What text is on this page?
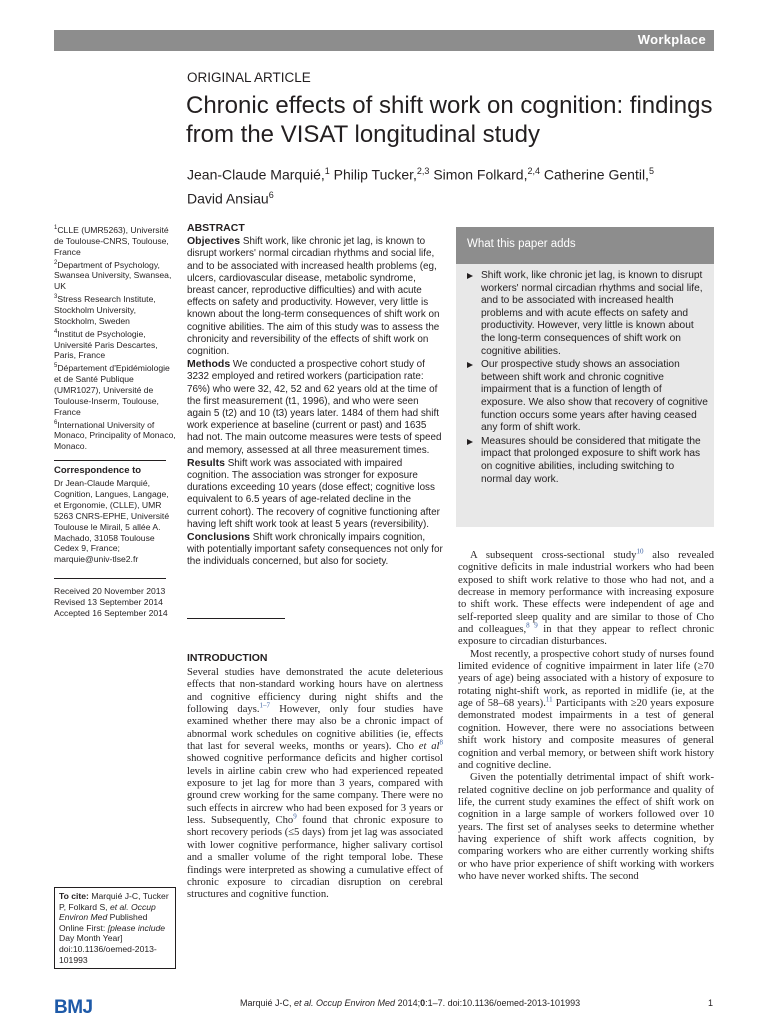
Workplace
ORIGINAL ARTICLE
Chronic effects of shift work on cognition: findings from the VISAT longitudinal study
Jean-Claude Marquié,$^1$ Philip Tucker,$^{2,3}$ Simon Folkard,$^{2,4}$ Catherine Gentil,$^5$
David Ansiau$^6$

$^1$CLLE (UMR5263), Université de Toulouse-CNRS, Toulouse, France

$^2$Department of Psychology, Swansea University, Swansea, UK

$^3$Stress Research Institute, Stockholm University, Stockholm, Sweden

$^4$Institut de Psychologie, Université Paris Descartes, Paris, France

$^5$Département d'Epidémiologie et de Santé Publique (UMR1027), Université de Toulouse-Inserm, Toulouse, France

$^6$International University of Monaco, Principality of Monaco, Monaco.

Correspondence to
Dr Jean-Claude Marquié, Cognition, Langues, Langage, et Ergonomie, (CLLE), UMR 5263 CNRS-EPHE, Université Toulouse le Mirail, 5 allée A. Machado, 31058 Toulouse Cedex 9, France; marquie@univ-tlse2.fr
Received 20 November 2013
Revised 13 September 2014
Accepted 16 September 2014
To cite: Marquié J-C, Tucker P, Folkard S, et al. Occup Environ Med Published Online First: [please include Day Month Year] doi:10.1136/oemed-2013-101993
ABSTRACT

Objectives Shift work, like chronic jet lag, is known to disrupt workers' normal circadian rhythms and social life, and to be associated with increased health problems (eg, ulcers, cardiovascular disease, metabolic syndrome, breast cancer, reproductive difficulties) and with acute effects on safety and productivity. However, very little is known about the long-term consequences of shift work on cognitive abilities. The aim of this study was to assess the chronicity and reversibility of the effects of shift work on cognition.

Methods We conducted a prospective cohort study of 3232 employed and retired workers (participation rate: 76%) who were 32, 42, 52 and 62 years old at the time of the first measurement (t1, 1996), and who were seen again 5 (t2) and 10 (t3) years later. 1484 of them had shift work experience at baseline (current or past) and 1635 had not. The main outcome measures were tests of speed and memory, assessed at all three measurement times.

Results Shift work was associated with impaired cognition. The association was stronger for exposure durations exceeding 10 years (dose effect; cognitive loss equivalent to 6.5 years of age-related decline in the current cohort). The recovery of cognitive functioning after having left shift work took at least 5 years (reversibility).

Conclusions Shift work chronically impairs cognition, with potentially important safety consequences not only for the individuals concerned, but also for society.

What this paper adds
Shift work, like chronic jet lag, is known to disrupt workers' normal circadian rhythms and social life, and to be associated with increased health problems and with acute effects on safety and productivity. However, very little is known about the long-term consequences of shift work on cognitive abilities.
Our prospective study shows an association between shift work and chronic cognitive impairment that is a function of length of exposure. We also show that recovery of cognitive function occurs some years after having ceased any form of shift work.
Measures should be considered that mitigate the impact that prolonged exposure to shift work has on cognitive abilities, including switching to normal day work.
INTRODUCTION

Several studies have demonstrated the acute deleterious effects that non-standard working hours have on alertness and cognitive efficiency during night shifts and the following days.$^{1-7}$ However, only four studies have examined whether there may also be a chronic impact of abnormal work schedules on cognitive abilities (ie, effects that last for several weeks, months or years). Cho et $al^8$ showed cognitive performance deficits and higher cortisol levels in airline cabin crew who had experienced repeated exposure to jet lag for more than 3 years, compared with ground crew working for the same company. There were no such effects in aircrew who had been exposed for 3 years or less. Subsequently, Cho$^9$ found that chronic exposure to short recovery periods (≤5 days) from jet lag was associated with lower cognitive performance, higher salivary cortisol and a smaller volume of the right temporal lobe. These findings were interpreted as showing a cumulative effect of chronic exposure to circadian disruption on cerebral structures and cognitive function.

A subsequent cross-sectional study$^{10}$ also revealed cognitive deficits in male industrial workers who had been exposed to shift work relative to those who had not, and a decrease in memory performance with increasing exposure to shift work. These effects were independent of age and self-reported sleep quality and are similar to those of Cho and colleagues,$^{8 9}$ in that they appear to reflect chronic exposure to circadian disturbances.

Most recently, a prospective cohort study of nurses found limited evidence of cognitive impairment in later life (≥70 years of age) being associated with a history of exposure to rotating night-shift work, as reported in midlife (ie, at the age of 58–68 years).$^{11}$ Participants with ≥20 years exposure demonstrated modest impairments in a test of general cognition. However, there were no associations between shift work history and composite measures of general cognition and verbal memory, or between shift work history and cognitive decline.

Given the potentially detrimental impact of shift work-related cognitive decline on job performance and quality of life, the current study examines the effect of shift work on cognition in a large sample of workers followed over 10 years. The first set of analyses seeks to determine whether having experience of shift work affects cognition, by comparing workers who are either currently working shifts or who have prior experience of shift working with workers who have never worked shifts. The second

BMJ	Marquié J-C, et al. Occup Environ Med 2014;0:1–7. doi:10.1136/oemed-2013-101993	1
